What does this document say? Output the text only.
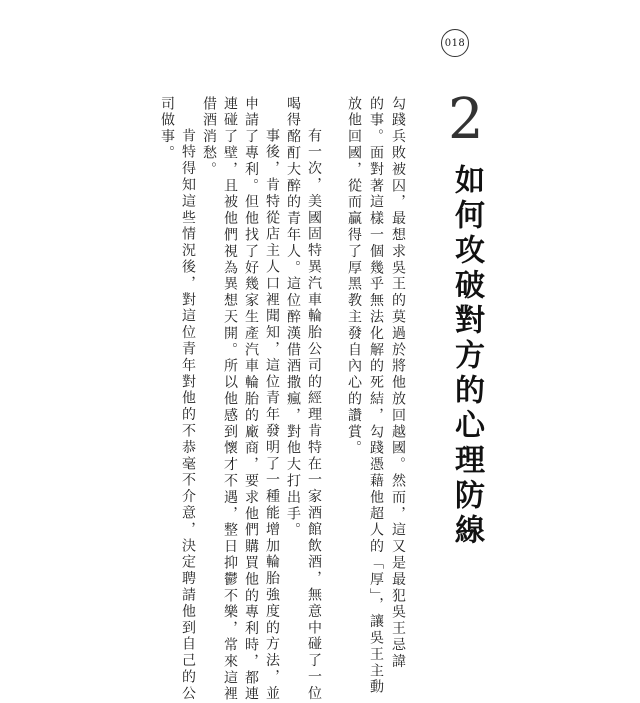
018
2
如何攻破對方的心理防線
勾踐兵敗被囚，最想求吳王的莫過於將他放回越國。然而，這又是最犯吳王忌諱
的事。面對著這樣一個幾乎無法化解的死結，勾踐憑藉他超人的「厚」，讓吳王主動
放他回國，從而贏得了厚黑教主發自內心的讚賞。
有一次，美國固特異汽車輪胎公司的經理肯特在一家酒館飲酒，無意中碰了一位
喝得酩酊大醉的青年人。這位醉漢借酒撒瘋，對他大打出手。
事後，肯特從店主人口裡聞知，這位青年發明了一種能增加輪胎強度的方法，並
申請了專利。但他找了好幾家生產汽車輪胎的廠商，要求他們購買他的專利時，都連
連碰了壁，且被他們視為異想天開。所以他感到懷才不遇，整日抑鬱不樂，常來這裡
借酒消愁。
肯特得知這些情況後，對這位青年對他的不恭毫不介意，決定聘請他到自己的公
司做事。
